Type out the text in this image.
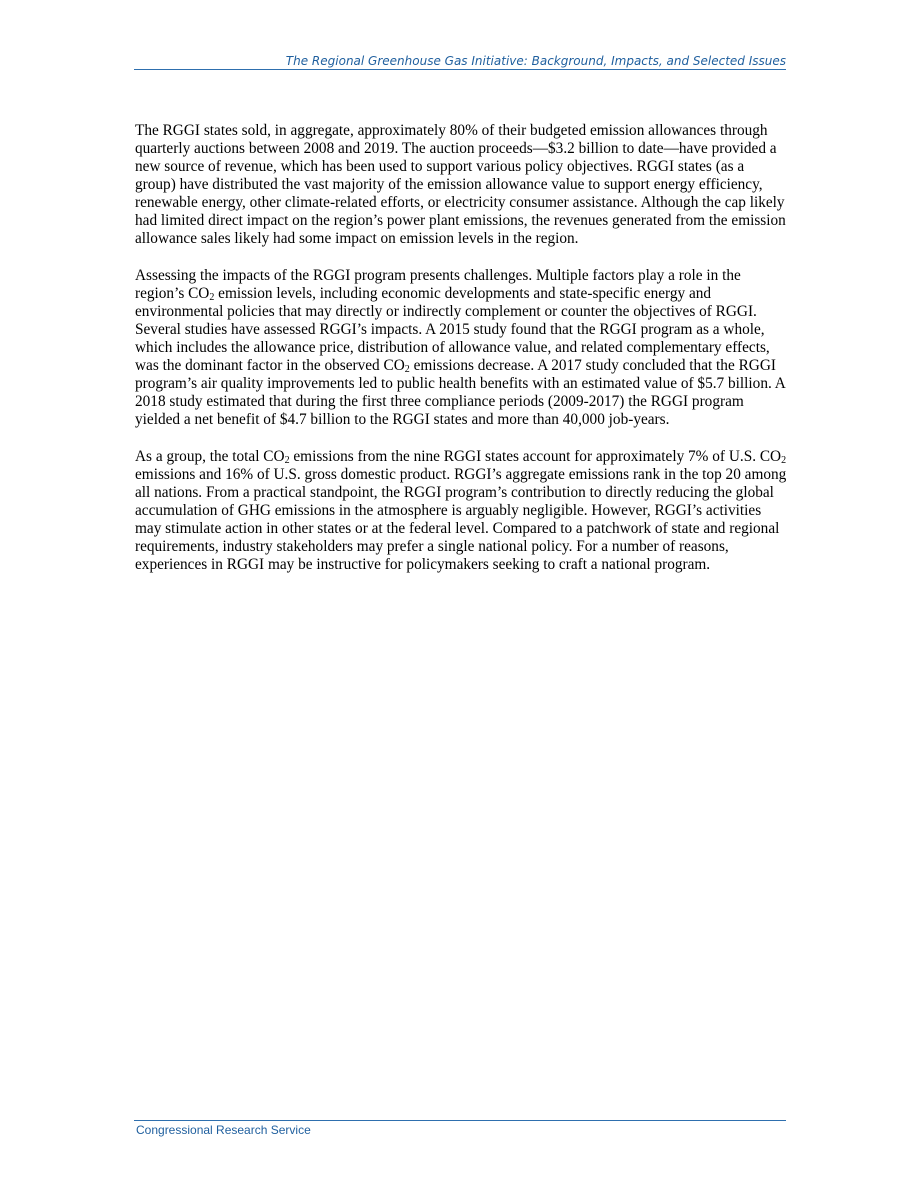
The Regional Greenhouse Gas Initiative: Background, Impacts, and Selected Issues

The RGGI states sold, in aggregate, approximately 80% of their budgeted emission allowances through quarterly auctions between 2008 and 2019. The auction proceeds—$3.2 billion to date—have provided a new source of revenue, which has been used to support various policy objectives. RGGI states (as a group) have distributed the vast majority of the emission allowance value to support energy efficiency, renewable energy, other climate-related efforts, or electricity consumer assistance. Although the cap likely had limited direct impact on the region’s power plant emissions, the revenues generated from the emission allowance sales likely had some impact on emission levels in the region.

Assessing the impacts of the RGGI program presents challenges. Multiple factors play a role in the region’s $CO_2$ emission levels, including economic developments and state-specific energy and environmental policies that may directly or indirectly complement or counter the objectives of RGGI. Several studies have assessed RGGI’s impacts. A 2015 study found that the RGGI program as a whole, which includes the allowance price, distribution of allowance value, and related complementary effects, was the dominant factor in the observed $CO_2$ emissions decrease. A 2017 study concluded that the RGGI program’s air quality improvements led to public health benefits with an estimated value of $5.7 billion. A 2018 study estimated that during the first three compliance periods (2009-2017) the RGGI program yielded a net benefit of $4.7 billion to the RGGI states and more than 40,000 job-years.

As a group, the total $CO_2$ emissions from the nine RGGI states account for approximately 7% of U.S. $CO_2$ emissions and 16% of U.S. gross domestic product. RGGI’s aggregate emissions rank in the top 20 among all nations. From a practical standpoint, the RGGI program’s contribution to directly reducing the global accumulation of GHG emissions in the atmosphere is arguably negligible. However, RGGI’s activities may stimulate action in other states or at the federal level. Compared to a patchwork of state and regional requirements, industry stakeholders may prefer a single national policy. For a number of reasons, experiences in RGGI may be instructive for policymakers seeking to craft a national program.

Congressional Research Service
